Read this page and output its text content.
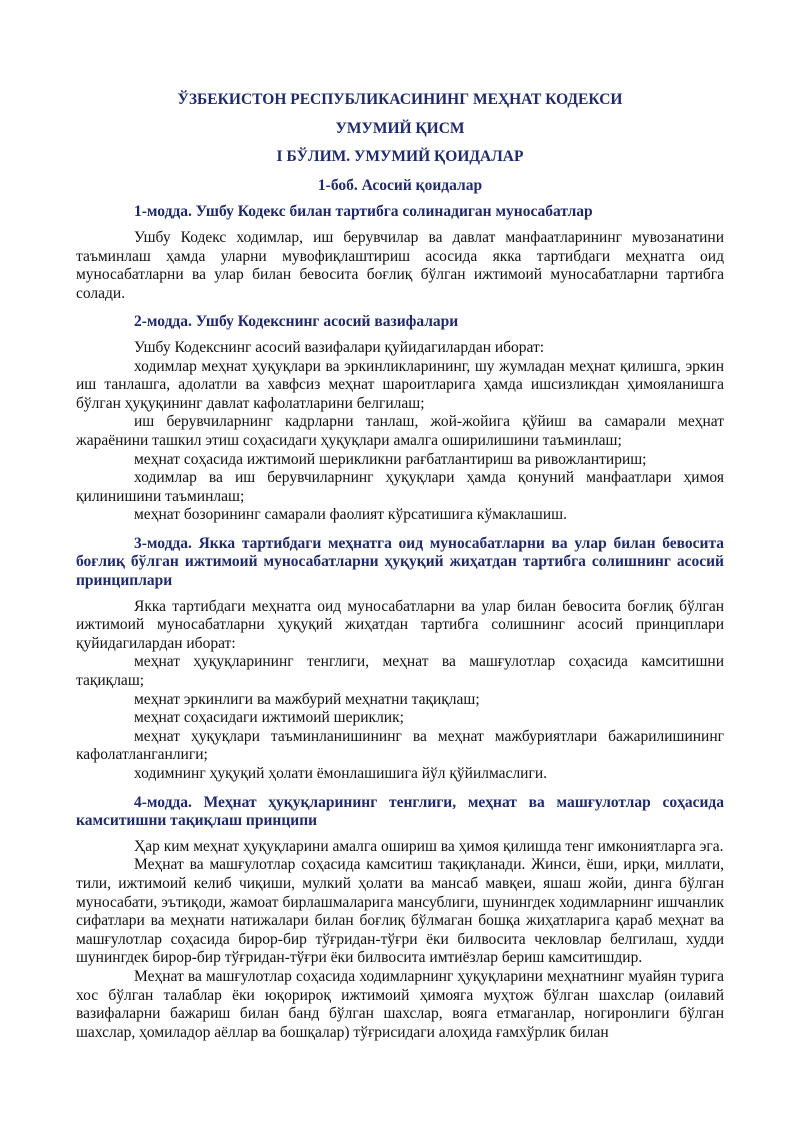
ЎЗБЕКИСТОН РЕСПУБЛИКАСИНИНГ МЕҲНАТ КОДЕКСИ

УМУМИЙ ҚИСМ

I БЎЛИМ. УМУМИЙ ҚОИДАЛАР

1-боб. Асосий қоидалар

1-модда. Ушбу Кодекс билан тартибга солинадиган муносабатлар

Ушбу Кодекс ходимлар, иш берувчилар ва давлат манфаатларининг мувозанатини таъминлаш ҳамда уларни мувофиқлаштириш асосида якка тартибдаги меҳнатга оид муносабатларни ва улар билан бевосита боғлиқ бўлган ижтимоий муносабатларни тартибга солади.

2-модда. Ушбу Кодекснинг асосий вазифалари

Ушбу Кодекснинг асосий вазифалари қуйидагилардан иборат:

ходимлар меҳнат ҳуқуқлари ва эркинликларининг, шу жумладан меҳнат қилишга, эркин иш танлашга, адолатли ва хавфсиз меҳнат шароитларига ҳамда ишсизликдан ҳимояланишга бўлган ҳуқуқининг давлат кафолатларини белгилаш;

иш берувчиларнинг кадрларни танлаш, жой-жойига қўйиш ва самарали меҳнат жараёнини ташкил этиш соҳасидаги ҳуқуқлари амалга оширилишини таъминлаш;

меҳнат соҳасида ижтимоий шерикликни рағбатлантириш ва ривожлантириш;

ходимлар ва иш берувчиларнинг ҳуқуқлари ҳамда қонуний манфаатлари ҳимоя қилинишини таъминлаш;

меҳнат бозорининг самарали фаолият кўрсатишига кўмаклашиш.

3-модда. Якка тартибдаги меҳнатга оид муносабатларни ва улар билан бевосита боғлиқ бўлган ижтимоий муносабатларни ҳуқуқий жиҳатдан тартибга солишнинг асосий принциплари

Якка тартибдаги меҳнатга оид муносабатларни ва улар билан бевосита боғлиқ бўлган ижтимоий муносабатларни ҳуқуқий жиҳатдан тартибга солишнинг асосий принциплари қуйидагилардан иборат:

меҳнат ҳуқуқларининг тенглиги, меҳнат ва машғулотлар соҳасида камситишни тақиқлаш;

меҳнат эркинлиги ва мажбурий меҳнатни тақиқлаш;

меҳнат соҳасидаги ижтимоий шериклик;

меҳнат ҳуқуқлари таъминланишининг ва меҳнат мажбуриятлари бажарилишининг кафолатланганлиги;

ходимнинг ҳуқуқий ҳолати ёмонлашишига йўл қўйилмаслиги.

4-модда. Меҳнат ҳуқуқларининг тенглиги, меҳнат ва машғулотлар соҳасида камситишни тақиқлаш принципи

Ҳар ким меҳнат ҳуқуқларини амалга ошириш ва ҳимоя қилишда тенг имкониятларга эга.

Меҳнат ва машғулотлар соҳасида камситиш тақиқланади. Жинси, ёши, ирқи, миллати, тили, ижтимоий келиб чиқиши, мулкий ҳолати ва мансаб мавқеи, яшаш жойи, динга бўлган муносабати, эътиқоди, жамоат бирлашмаларига мансублиги, шунингдек ходимларнинг ишчанлик сифатлари ва меҳнати натижалари билан боғлиқ бўлмаган бошқа жиҳатларига қараб меҳнат ва машғулотлар соҳасида бирор-бир тўғридан-тўғри ёки билвосита чекловлар белгилаш, худди шунингдек бирор-бир тўғридан-тўғри ёки билвосита имтиёзлар бериш камситишдир.

Меҳнат ва машғулотлар соҳасида ходимларнинг ҳуқуқларини меҳнатнинг муайян турига хос бўлган талаблар ёки юқорироқ ижтимоий ҳимояга муҳтож бўлган шахслар (оилавий вазифаларни бажариш билан банд бўлган шахслар, вояга етмаганлар, ногиронлиги бўлган шахслар, ҳомиладор аёллар ва бошқалар) тўғрисидаги алоҳида ғамхўрлик билан
